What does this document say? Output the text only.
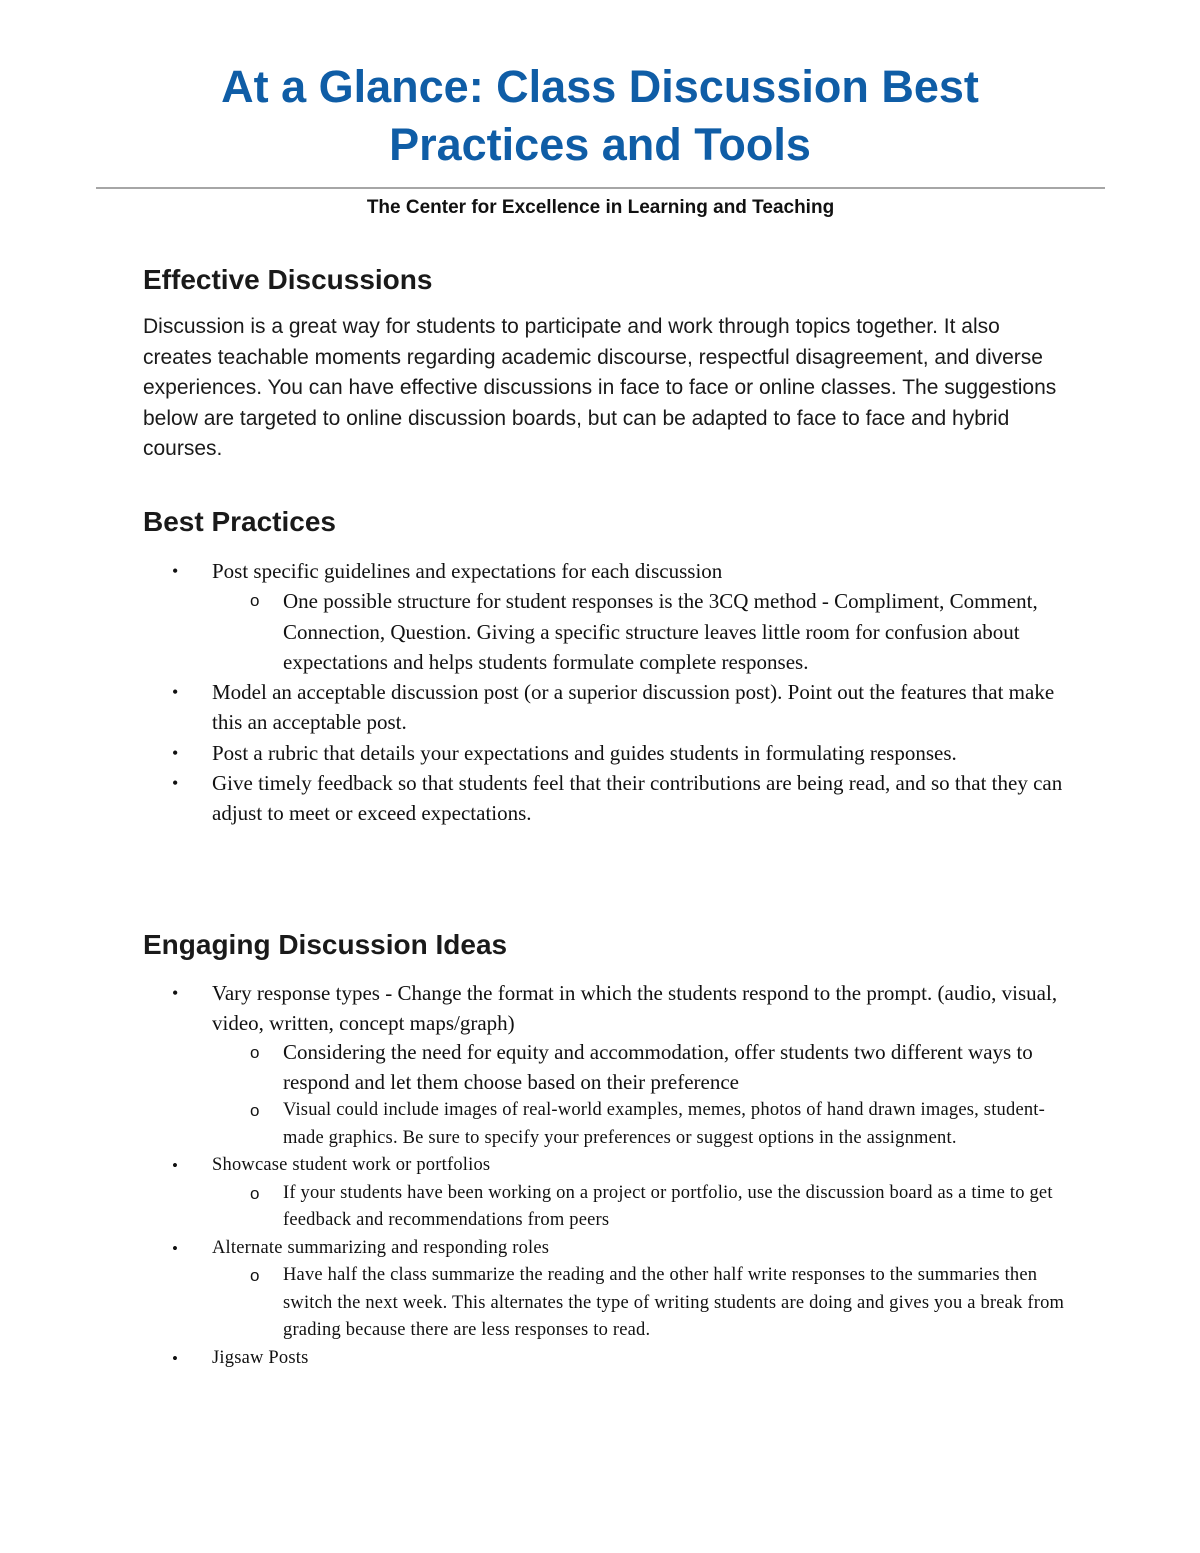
At a Glance: Class Discussion Best
Practices and Tools

The Center for Excellence in Learning and Teaching

Effective Discussions

Discussion is a great way for students to participate and work through topics together. It also creates teachable moments regarding academic discourse, respectful disagreement, and diverse experiences. You can have effective discussions in face to face or online classes. The suggestions below are targeted to online discussion boards, but can be adapted to face to face and hybrid courses.

Best Practices
• Post specific guidelines and expectations for each discussion
o One possible structure for student responses is the 3CQ method - Compliment, Comment, Connection, Question. Giving a specific structure leaves little room for confusion about expectations and helps students formulate complete responses.
• Model an acceptable discussion post (or a superior discussion post). Point out the features that make this an acceptable post.
• Post a rubric that details your expectations and guides students in formulating responses.
• Give timely feedback so that students feel that their contributions are being read, and so that they can adjust to meet or exceed expectations.
Engaging Discussion Ideas
• Vary response types - Change the format in which the students respond to the prompt. (audio, visual, video, written, concept maps/graph)
o Considering the need for equity and accommodation, offer students two different ways to respond and let them choose based on their preference
o Visual could include images of real-world examples, memes, photos of hand drawn images, student-made graphics. Be sure to specify your preferences or suggest options in the assignment.
• Showcase student work or portfolios
o If your students have been working on a project or portfolio, use the discussion board as a time to get feedback and recommendations from peers
• Alternate summarizing and responding roles
o Have half the class summarize the reading and the other half write responses to the summaries then switch the next week. This alternates the type of writing students are doing and gives you a break from grading because there are less responses to read.
• Jigsaw Posts
